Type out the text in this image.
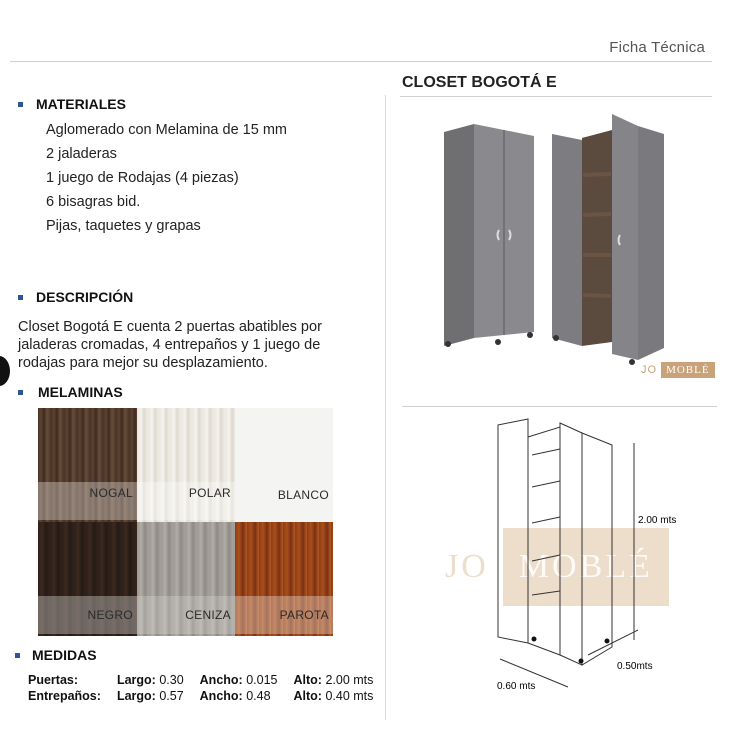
Ficha Técnica
MATERIALES
Aglomerado con Melamina de 15 mm
2 jaladeras
1 juego de Rodajas (4 piezas)
6 bisagras bid.
Pijas, taquetes y grapas
DESCRIPCIÓN
Closet Bogotá E cuenta 2 puertas abatibles por jaladeras cromadas, 4 entrepaños y 1 juego de rodajas para mejor su desplazamiento.
MELAMINAS
NOGAL	POLAR	BLANCO
NEGRO	CENIZA	PAROTA
MEDIDAS
Puertas:	Largo: 0.30	Ancho: 0.015	Alto: 2.00 mts
Entrepaños:	Largo: 0.57	Ancho: 0.48	Alto: 0.40 mts
CLOSET BOGOTÁ E
JO MOBLÉ
JO MOBLÉ
2.00 mts
0.50mts
0.60 mts
